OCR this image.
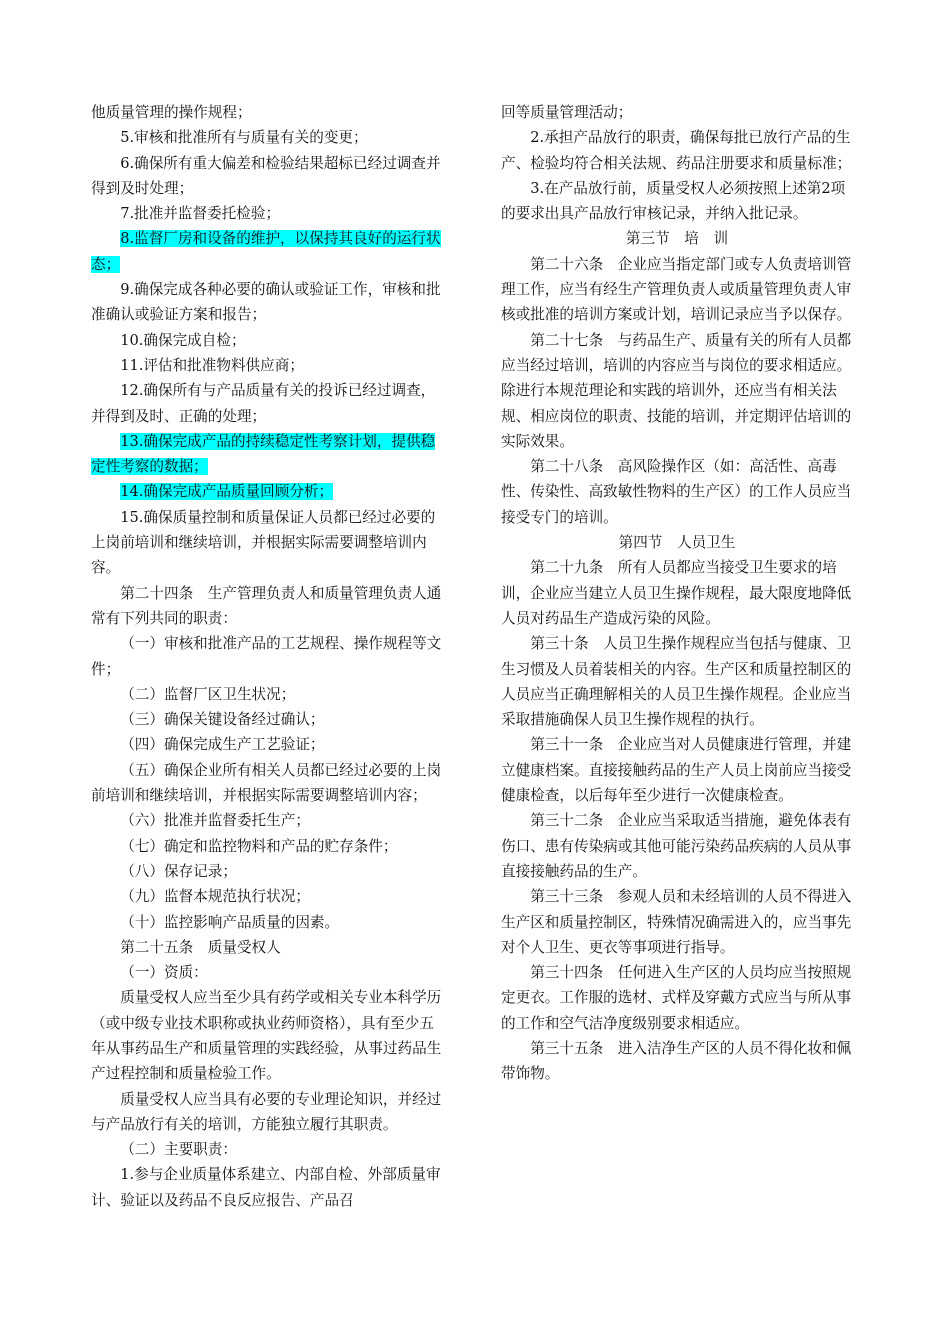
他质量管理的操作规程；

5.审核和批准所有与质量有关的变更；

6.确保所有重大偏差和检验结果超标已经过调查并得到及时处理；

7.批准并监督委托检验；

8.监督厂房和设备的维护，以保持其良好的运行状态；

9.确保完成各种必要的确认或验证工作，审核和批准确认或验证方案和报告；

10.确保完成自检；

11.评估和批准物料供应商；

12.确保所有与产品质量有关的投诉已经过调查，并得到及时、正确的处理；

13.确保完成产品的持续稳定性考察计划，提供稳定性考察的数据；

14.确保完成产品质量回顾分析；

15.确保质量控制和质量保证人员都已经过必要的上岗前培训和继续培训，并根据实际需要调整培训内容。

第二十四条　生产管理负责人和质量管理负责人通常有下列共同的职责：

（一）审核和批准产品的工艺规程、操作规程等文件；

（二）监督厂区卫生状况；

（三）确保关键设备经过确认；

（四）确保完成生产工艺验证；

（五）确保企业所有相关人员都已经过必要的上岗前培训和继续培训，并根据实际需要调整培训内容；

（六）批准并监督委托生产；

（七）确定和监控物料和产品的贮存条件；

（八）保存记录；

（九）监督本规范执行状况；

（十）监控影响产品质量的因素。

第二十五条　质量受权人

（一）资质：

质量受权人应当至少具有药学或相关专业本科学历（或中级专业技术职称或执业药师资格），具有至少五年从事药品生产和质量管理的实践经验，从事过药品生产过程控制和质量检验工作。

质量受权人应当具有必要的专业理论知识，并经过与产品放行有关的培训，方能独立履行其职责。

（二）主要职责：

1.参与企业质量体系建立、内部自检、外部质量审计、验证以及药品不良反应报告、产品召

回等质量管理活动；

2.承担产品放行的职责，确保每批已放行产品的生产、检验均符合相关法规、药品注册要求和质量标准；

3.在产品放行前，质量受权人必须按照上述第2项的要求出具产品放行审核记录，并纳入批记录。

第三节　培　训

第二十六条　企业应当指定部门或专人负责培训管理工作，应当有经生产管理负责人或质量管理负责人审核或批准的培训方案或计划，培训记录应当予以保存。

第二十七条　与药品生产、质量有关的所有人员都应当经过培训，培训的内容应当与岗位的要求相适应。除进行本规范理论和实践的培训外，还应当有相关法规、相应岗位的职责、技能的培训，并定期评估培训的实际效果。

第二十八条　高风险操作区（如：高活性、高毒性、传染性、高致敏性物料的生产区）的工作人员应当接受专门的培训。

第四节　人员卫生

第二十九条　所有人员都应当接受卫生要求的培训，企业应当建立人员卫生操作规程，最大限度地降低人员对药品生产造成污染的风险。

第三十条　人员卫生操作规程应当包括与健康、卫生习惯及人员着装相关的内容。生产区和质量控制区的人员应当正确理解相关的人员卫生操作规程。企业应当采取措施确保人员卫生操作规程的执行。

第三十一条　企业应当对人员健康进行管理，并建立健康档案。直接接触药品的生产人员上岗前应当接受健康检查，以后每年至少进行一次健康检查。

第三十二条　企业应当采取适当措施，避免体表有伤口、患有传染病或其他可能污染药品疾病的人员从事直接接触药品的生产。

第三十三条　参观人员和未经培训的人员不得进入生产区和质量控制区，特殊情况确需进入的，应当事先对个人卫生、更衣等事项进行指导。

第三十四条　任何进入生产区的人员均应当按照规定更衣。工作服的选材、式样及穿戴方式应当与所从事的工作和空气洁净度级别要求相适应。

第三十五条　进入洁净生产区的人员不得化妆和佩带饰物。
